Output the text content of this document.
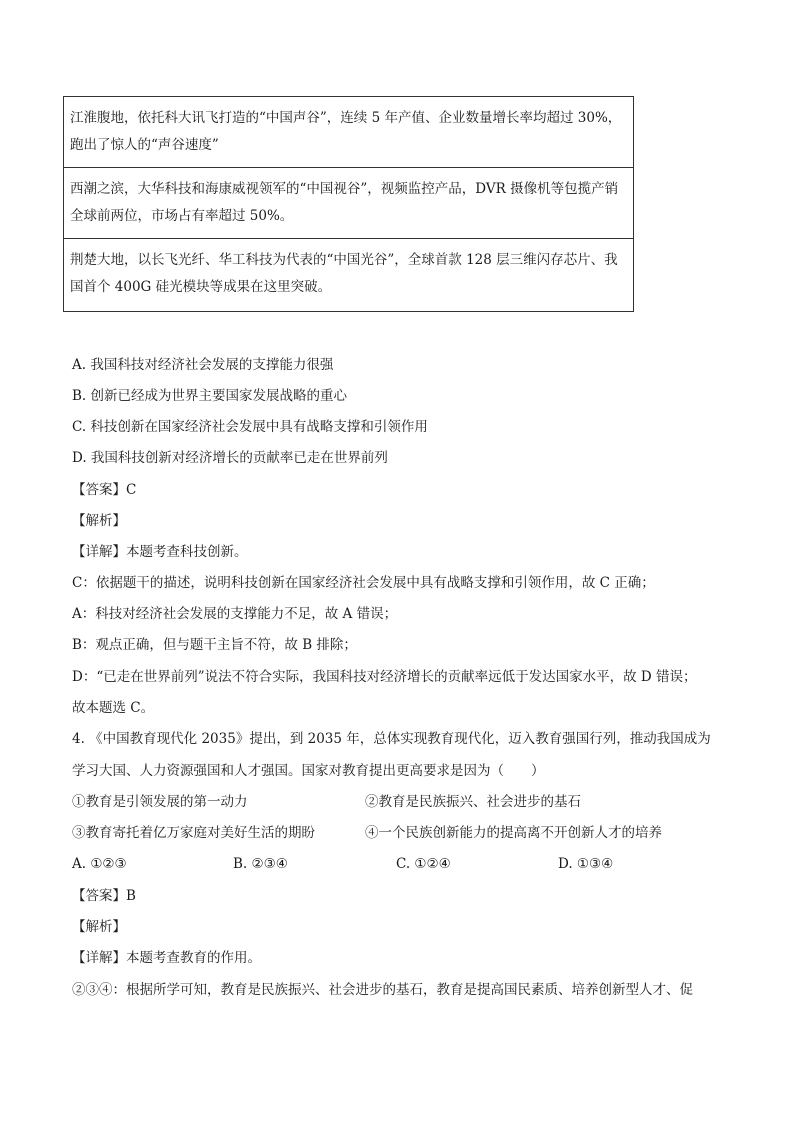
江淮腹地，依托科大讯飞打造的“中国声谷”，连续 5 年产值、企业数量增长率均超过 30%，跑出了惊人的“声谷速度”
西潮之滨，大华科技和海康威视领军的“中国视谷”，视频监控产品，DVR 摄像机等包揽产销全球前两位，市场占有率超过 50%。
荆楚大地，以长飞光纤、华工科技为代表的“中国光谷”，全球首款 128 层三维闪存芯片、我国首个 400G 硅光模块等成果在这里突破。
A. 我国科技对经济社会发展的支撑能力很强
B. 创新已经成为世界主要国家发展战略的重心
C. 科技创新在国家经济社会发展中具有战略支撑和引领作用
D. 我国科技创新对经济增长的贡献率已走在世界前列
【答案】C
【解析】
【详解】本题考查科技创新。
C：依据题干的描述，说明科技创新在国家经济社会发展中具有战略支撑和引领作用，故 C 正确；
A：科技对经济社会发展的支撑能力不足，故 A 错误；
B：观点正确，但与题干主旨不符，故 B 排除；
D：“已走在世界前列”说法不符合实际，我国科技对经济增长的贡献率远低于发达国家水平，故 D 错误；
故本题选 C。
4. 《中国教育现代化 2035》提出，到 2035 年，总体实现教育现代化，迈入教育强国行列，推动我国成为
学习大国、人力资源强国和人才强国。国家对教育提出更高要求是因为（　　）
①教育是引领发展的第一动力	②教育是民族振兴、社会进步的基石
③教育寄托着亿万家庭对美好生活的期盼	④一个民族创新能力的提高离不开创新人才的培养
A. ①②③	B. ②③④	C. ①②④	D. ①③④
【答案】B
【解析】
【详解】本题考查教育的作用。
②③④：根据所学可知，教育是民族振兴、社会进步的基石，教育是提高国民素质、培养创新型人才、促
